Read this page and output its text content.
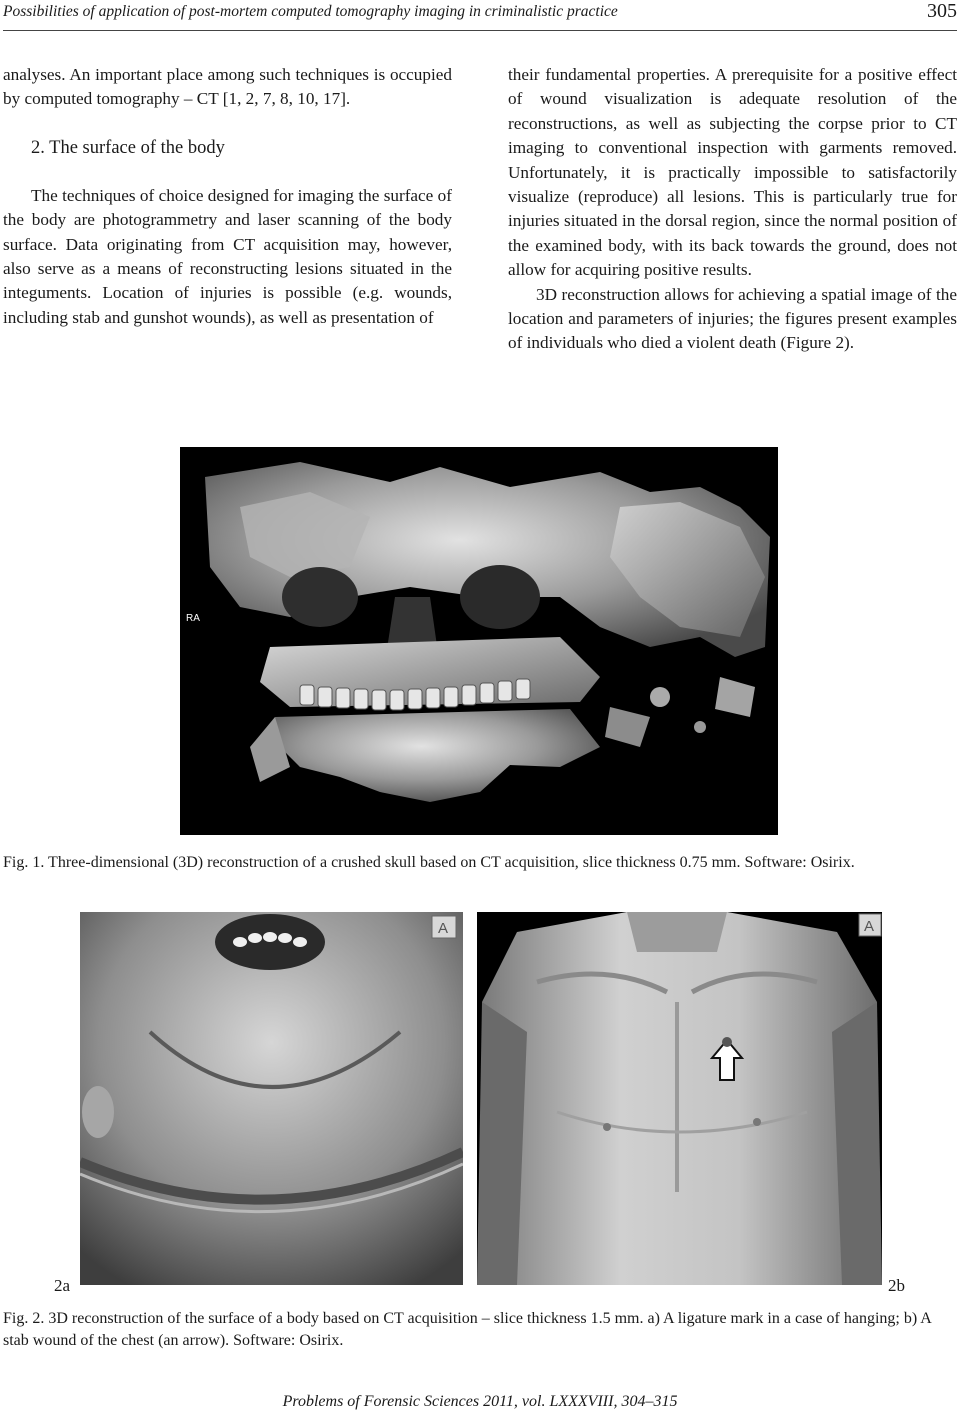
Possibilities of application of post-mortem computed tomography imaging in criminalistic practice	305

analyses. An important place among such techniques is occupied by computed tomography – CT [1, 2, 7, 8, 10, 17].

2. The surface of the body

The techniques of choice designed for imaging the surface of the body are photogrammetry and laser scanning of the body surface. Data originating from CT acquisition may, however, also serve as a means of reconstructing lesions situated in the integuments. Location of injuries is possible (e.g. wounds, including stab and gunshot wounds), as well as presentation of

their fundamental properties. A prerequisite for a positive effect of wound visualization is adequate resolution of the reconstructions, as well as subjecting the corpse prior to CT imaging to conventional inspection with garments removed. Unfortunately, it is practically impossible to satisfactorily visualize (reproduce) all lesions. This is particularly true for injuries situated in the dorsal region, since the normal position of the examined body, with its back towards the ground, does not allow for acquiring positive results.

3D reconstruction allows for achieving a spatial image of the location and parameters of injuries; the figures present examples of individuals who died a violent death (Figure 2).

RA
Fig. 1. Three-dimensional (3D) reconstruction of a crushed skull based on CT acquisition, slice thickness 0.75 mm. Software: Osirix.
A	A
2a	2b
Fig. 2. 3D reconstruction of the surface of a body based on CT acquisition – slice thickness 1.5 mm. a) A ligature mark in a case of hanging; b) A stab wound of the chest (an arrow). Software: Osirix.
Problems of Forensic Sciences 2011, vol. LXXXVIII, 304–315
